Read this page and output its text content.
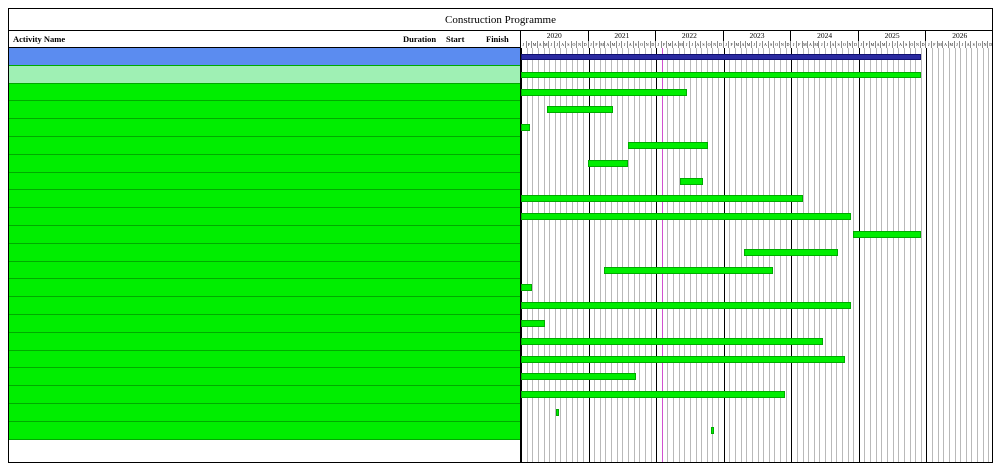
Construction Programme
Activity Name	Duration Start	Finish	2020	2021	2022	2023	2024	2025	2026
J F M A M J	J A S O N D J F M A M J	J A S O N D J F M A M J	J A S O N D J F M A M J	J A S O N D J F M A M J	J A S O N D J F M A M J	J A S O N D J F M A M J	J A S O N D
